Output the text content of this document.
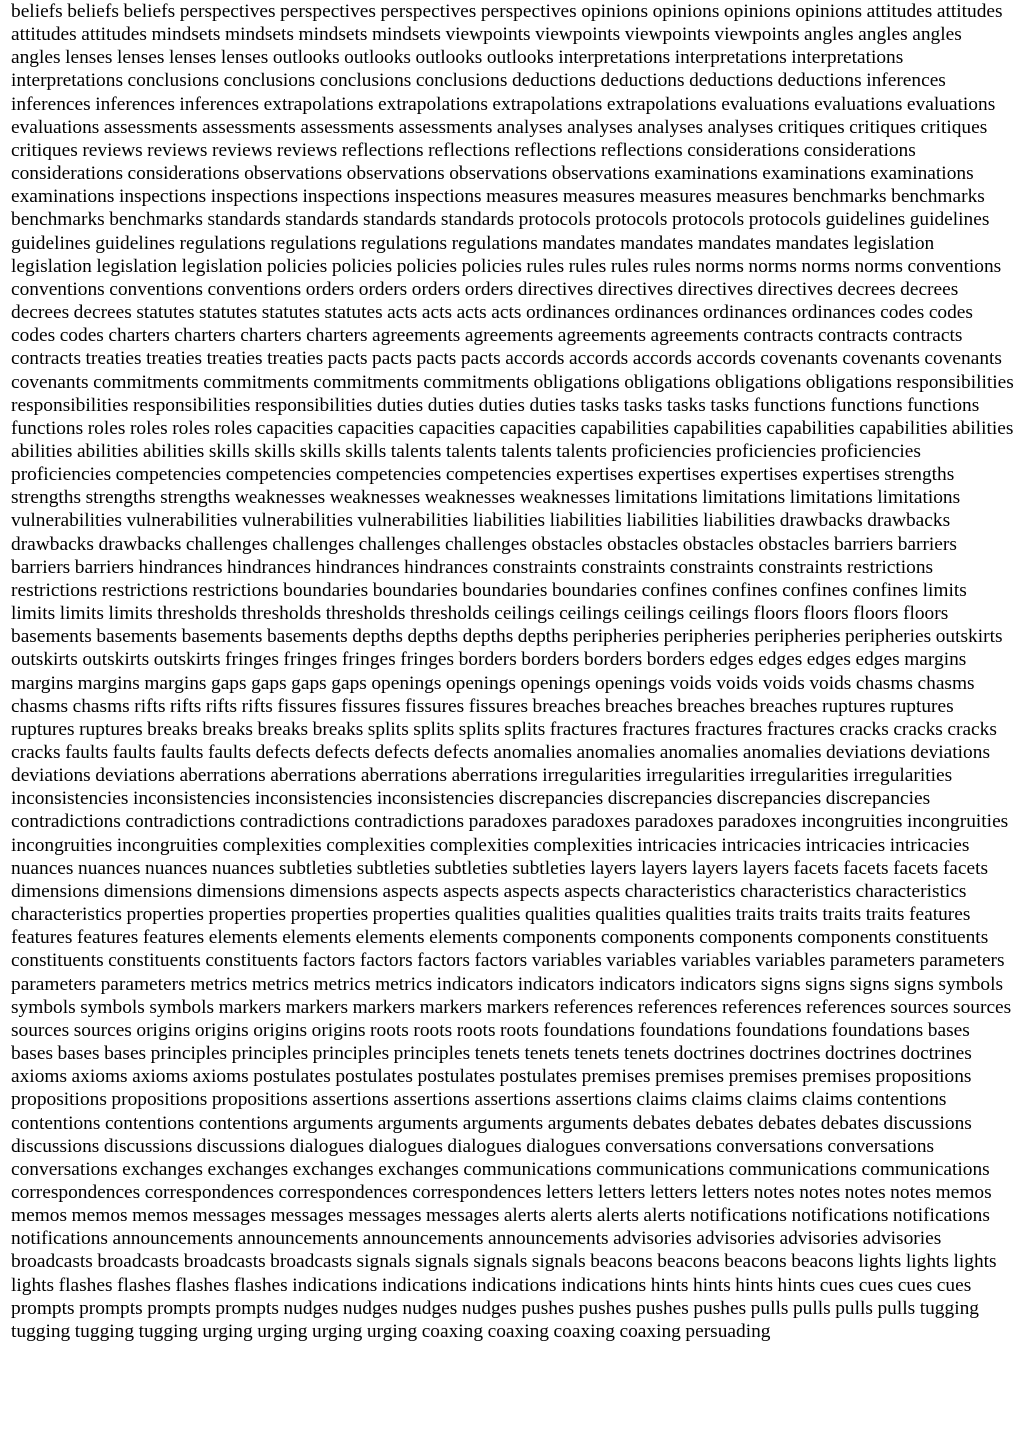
beliefs beliefs beliefs perspectives perspectives perspectives perspectives opinions opinions opinions opinions attitudes attitudes attitudes attitudes mindsets mindsets mindsets mindsets viewpoints viewpoints viewpoints viewpoints angles angles angles angles lenses lenses lenses lenses outlooks outlooks outlooks outlooks interpretations interpretations interpretations interpretations conclusions conclusions conclusions conclusions deductions deductions deductions deductions inferences inferences inferences inferences extrapolations extrapolations extrapolations extrapolations evaluations evaluations evaluations evaluations assessments assessments assessments assessments analyses analyses analyses analyses critiques critiques critiques critiques reviews reviews reviews reviews reflections reflections reflections reflections considerations considerations considerations considerations observations observations observations observations examinations examinations examinations examinations inspections inspections inspections inspections measures measures measures measures benchmarks benchmarks benchmarks benchmarks standards standards standards standards protocols protocols protocols protocols guidelines guidelines guidelines guidelines regulations regulations regulations regulations mandates mandates mandates mandates legislation legislation legislation legislation policies policies policies policies rules rules rules rules norms norms norms norms conventions conventions conventions conventions orders orders orders orders directives directives directives directives decrees decrees decrees decrees statutes statutes statutes statutes acts acts acts acts ordinances ordinances ordinances ordinances codes codes codes codes charters charters charters charters agreements agreements agreements agreements contracts contracts contracts contracts treaties treaties treaties treaties pacts pacts pacts pacts accords accords accords accords covenants covenants covenants covenants commitments commitments commitments commitments obligations obligations obligations obligations responsibilities responsibilities responsibilities responsibilities duties duties duties duties tasks tasks tasks tasks functions functions functions functions roles roles roles roles capacities capacities capacities capacities capabilities capabilities capabilities capabilities abilities abilities abilities abilities skills skills skills skills talents talents talents talents proficiencies proficiencies proficiencies proficiencies competencies competencies competencies competencies expertises expertises expertises expertises strengths strengths strengths strengths weaknesses weaknesses weaknesses weaknesses limitations limitations limitations limitations vulnerabilities vulnerabilities vulnerabilities vulnerabilities liabilities liabilities liabilities liabilities drawbacks drawbacks drawbacks drawbacks challenges challenges challenges challenges obstacles obstacles obstacles obstacles barriers barriers barriers barriers hindrances hindrances hindrances hindrances constraints constraints constraints constraints restrictions restrictions restrictions restrictions boundaries boundaries boundaries boundaries confines confines confines confines limits limits limits limits thresholds thresholds thresholds thresholds ceilings ceilings ceilings ceilings floors floors floors floors basements basements basements basements depths depths depths depths peripheries peripheries peripheries peripheries outskirts outskirts outskirts outskirts fringes fringes fringes fringes borders borders borders borders edges edges edges edges margins margins margins margins gaps gaps gaps gaps openings openings openings openings voids voids voids voids chasms chasms chasms chasms rifts rifts rifts rifts fissures fissures fissures fissures breaches breaches breaches breaches ruptures ruptures ruptures ruptures breaks breaks breaks breaks splits splits splits splits fractures fractures fractures fractures cracks cracks cracks cracks faults faults faults faults defects defects defects defects anomalies anomalies anomalies anomalies deviations deviations deviations deviations aberrations aberrations aberrations aberrations irregularities irregularities irregularities irregularities inconsistencies inconsistencies inconsistencies inconsistencies discrepancies discrepancies discrepancies discrepancies contradictions contradictions contradictions contradictions paradoxes paradoxes paradoxes paradoxes incongruities incongruities incongruities incongruities complexities complexities complexities complexities intricacies intricacies intricacies intricacies nuances nuances nuances nuances subtleties subtleties subtleties subtleties layers layers layers layers facets facets facets facets dimensions dimensions dimensions dimensions aspects aspects aspects aspects characteristics characteristics characteristics characteristics properties properties properties properties qualities qualities qualities qualities traits traits traits traits features features features features elements elements elements elements components components components components constituents constituents constituents constituents factors factors factors factors variables variables variables variables parameters parameters parameters parameters metrics metrics metrics metrics indicators indicators indicators indicators signs signs signs signs symbols symbols symbols symbols markers markers markers markers markers references references references references sources sources sources sources origins origins origins origins roots roots roots roots foundations foundations foundations foundations bases bases bases bases principles principles principles principles tenets tenets tenets tenets doctrines doctrines doctrines doctrines axioms axioms axioms axioms postulates postulates postulates postulates premises premises premises premises propositions propositions propositions propositions assertions assertions assertions assertions claims claims claims claims contentions contentions contentions contentions arguments arguments arguments arguments debates debates debates debates discussions discussions discussions discussions dialogues dialogues dialogues dialogues conversations conversations conversations conversations exchanges exchanges exchanges exchanges communications communications communications communications correspondences correspondences correspondences correspondences letters letters letters letters notes notes notes notes memos memos memos memos messages messages messages messages alerts alerts alerts alerts notifications notifications notifications notifications announcements announcements announcements announcements advisories advisories advisories advisories broadcasts broadcasts broadcasts broadcasts signals signals signals signals beacons beacons beacons beacons lights lights lights lights flashes flashes flashes flashes indications indications indications indications hints hints hints hints cues cues cues cues prompts prompts prompts prompts nudges nudges nudges nudges pushes pushes pushes pushes pulls pulls pulls pulls tugging tugging tugging tugging urging urging urging urging coaxing coaxing coaxing coaxing persuading
